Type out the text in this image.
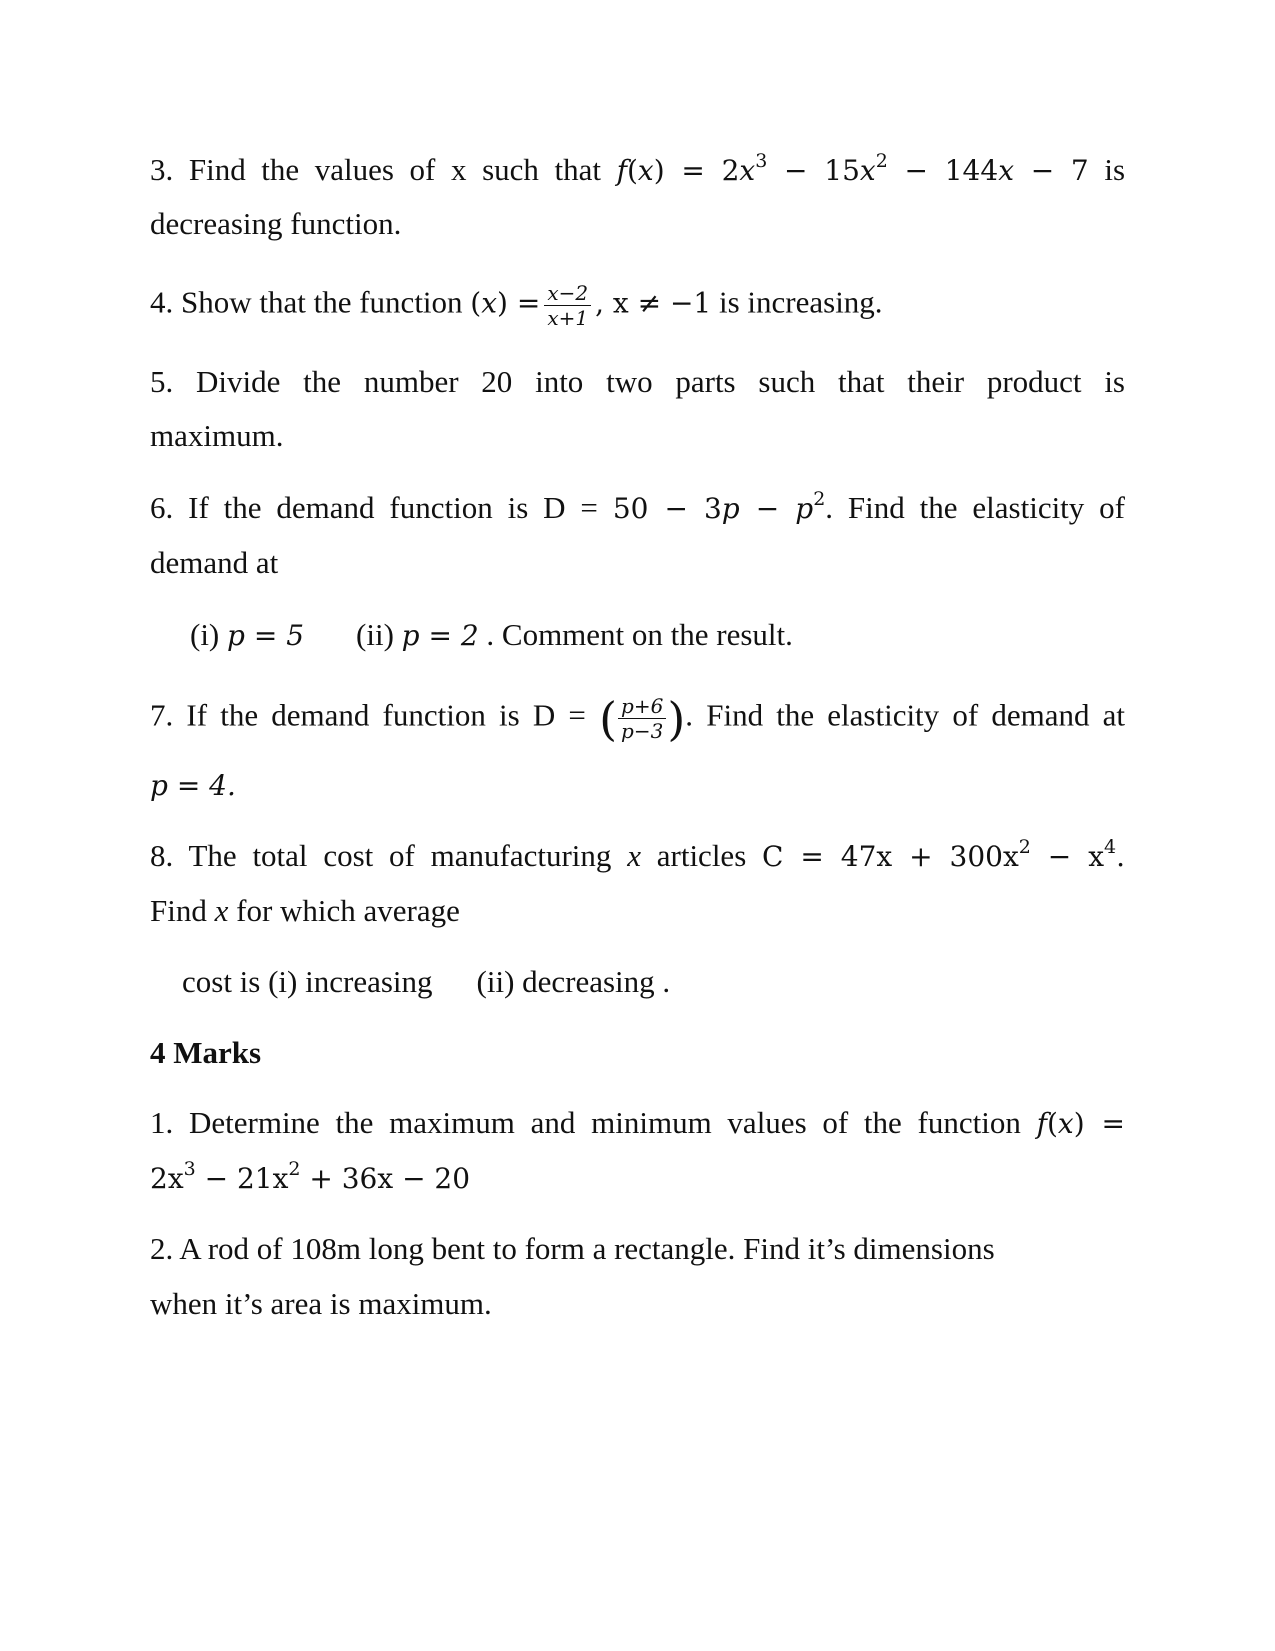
3. Find the values of x such that $f(x) = 2x^3 - 15x^2 - 144x - 7$ is
decreasing function.
4. Show that the function $(x) = \frac{x-2}{x+1}$ , x ≠ −1 is increasing.
5. Divide the number 20 into two parts such that their product is
maximum.
6. If the demand function is $D = 50 - 3p - p^2$. Find the elasticity of
demand at
(i) p = 5 (ii) p = 2 . Comment on the result.
7. If the demand function is D = ( $\frac{p+6}{p-3}$ ). Find the elasticity of demand at
p = 4.
8. The total cost of manufacturing x articles $C = 47x + 300x^2 - x^4$.
Find x for which average
cost is (i) increasing (ii) decreasing .
4 Marks
1. Determine the maximum and minimum values of the function f(x) =
$2x^3 - 21x^2 + 36x - 20$
2. A rod of 108m long bent to form a rectangle. Find it’s dimensions
when it’s area is maximum.
